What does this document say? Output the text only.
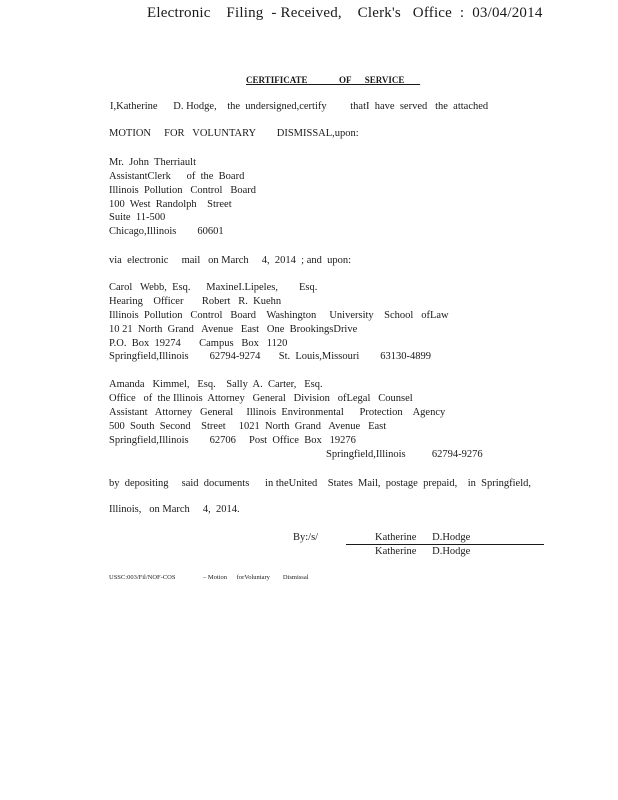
Electronic    Filing  - Received,    Clerk's   Office  :  03/04/2014
CERTIFICATE              OF      SERVICE
I,Katherine      D. Hodge,    the  undersigned,certify         thatI  have  served   the  attached
MOTION     FOR   VOLUNTARY        DISMISSAL,upon:
Mr.  John  Therriault
AssistantClerk      of  the  Board
Illinois  Pollution   Control   Board
100  West  Randolph    Street
Suite  11-500
Chicago,Illinois        60601
via  electronic     mail   on March     4,  2014  ; and  upon:
Carol   Webb,  Esq.      MaxineI.Lipeles,        Esq.
Hearing    Officer       Robert   R.  Kuehn
Illinois  Pollution   Control   Board    Washington     University    School   ofLaw
10 21  North  Grand   Avenue   East   One  BrookingsDrive
P.O.  Box  19274       Campus   Box   1120
Springfield,Illinois        62794-9274       St.  Louis,Missouri        63130-4899
Amanda   Kimmel,   Esq.    Sally  A.  Carter,   Esq.
Office   of  the Illinois  Attorney   General   Division   ofLegal   Counsel
Assistant   Attorney   General     Illinois  Environmental      Protection    Agency
500  South  Second    Street     1021  North  Grand   Avenue   East
Springfield,Illinois        62706     Post  Office  Box   19276
Springfield,Illinois          62794-9276
by  depositing     said  documents      in theUnited    States  Mail,  postage  prepaid,    in  Springfield,
Illinois,   on March     4,  2014.
By:/s/	Katherine      D.Hodge
Katherine      D.Hodge
USSC:003/Fil/NOF-COS	– Motion      forVoluntary        Dismissal
